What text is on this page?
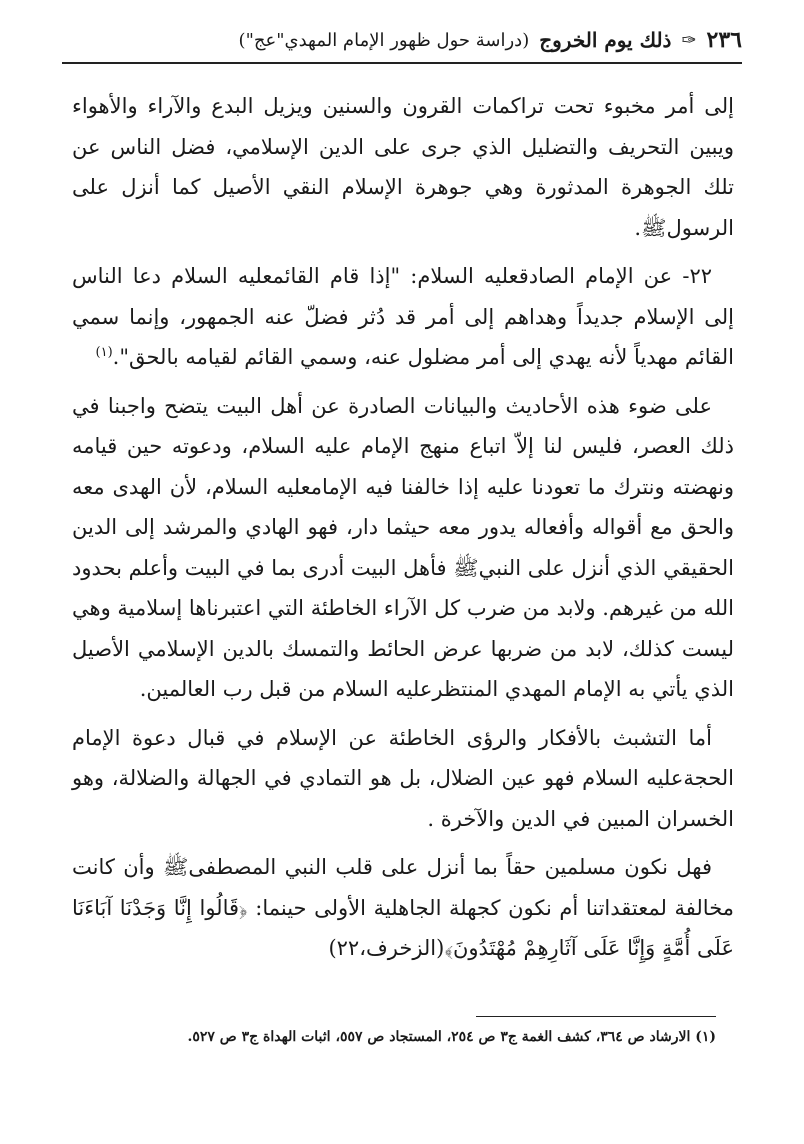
٢٣٦
✑
ذلك يوم الخروج
(دراسة حول ظهور الإمام المهدي"عج")

إلى أمر مخبوء تحت تراكمات القرون والسنين ويزيل البدع والآراء والأهواء ويبين التحريف والتضليل الذي جرى على الدين الإسلامي، فضل الناس عن تلك الجوهرة المدثورة وهي جوهرة الإسلام النقي الأصيل كما أنزل على الرسولﷺ.

٢٢- عن الإمام الصادقعليه السلام: "إذا قام القائمعليه السلام دعا الناس إلى الإسلام جديداً وهداهم إلى أمر قد دُثر فضلّ عنه الجمهور، وإنما سمي القائم مهدياً لأنه يهدي إلى أمر مضلول عنه، وسمي القائم لقيامه بالحق".$^{(١)}$

على ضوء هذه الأحاديث والبيانات الصادرة عن أهل البيت يتضح واجبنا في ذلك العصر، فليس لنا إلاّ اتباع منهج الإمام عليه السلام، ودعوته حين قيامه ونهضته ونترك ما تعودنا عليه إذا خالفنا فيه الإمامعليه السلام، لأن الهدى معه والحق مع أقواله وأفعاله يدور معه حيثما دار، فهو الهادي والمرشد إلى الدين الحقيقي الذي أنزل على النبيﷺ فأهل البيت أدرى بما في البيت وأعلم بحدود الله من غيرهم. ولابد من ضرب كل الآراء الخاطئة التي اعتبرناها إسلامية وهي ليست كذلك، لابد من ضربها عرض الحائط والتمسك بالدين الإسلامي الأصيل الذي يأتي به الإمام المهدي المنتظرعليه السلام من قبل رب العالمين.

أما التشبث بالأفكار والرؤى الخاطئة عن الإسلام في قبال دعوة الإمام الحجةعليه السلام فهو عين الضلال، بل هو التمادي في الجهالة والضلالة، وهو الخسران المبين في الدين والآخرة .

فهل نكون مسلمين حقاً بما أنزل على قلب النبي المصطفىﷺ وأن كانت مخالفة لمعتقداتنا أم نكون كجهلة الجاهلية الأولى حينما: ﴿قَالُوا إِنَّا وَجَدْنَا آبَاءَنَا عَلَى أُمَّةٍ وَإِنَّا عَلَى آثَارِهِمْ مُهْتَدُونَ﴾(الزخرف،٢٢)

(١) الارشاد ص ٣٦٤، كشف الغمة ج٣ ص ٢٥٤، المستجاد ص ٥٥٧، اثبات الهداة ج٣ ص ٥٢٧.
